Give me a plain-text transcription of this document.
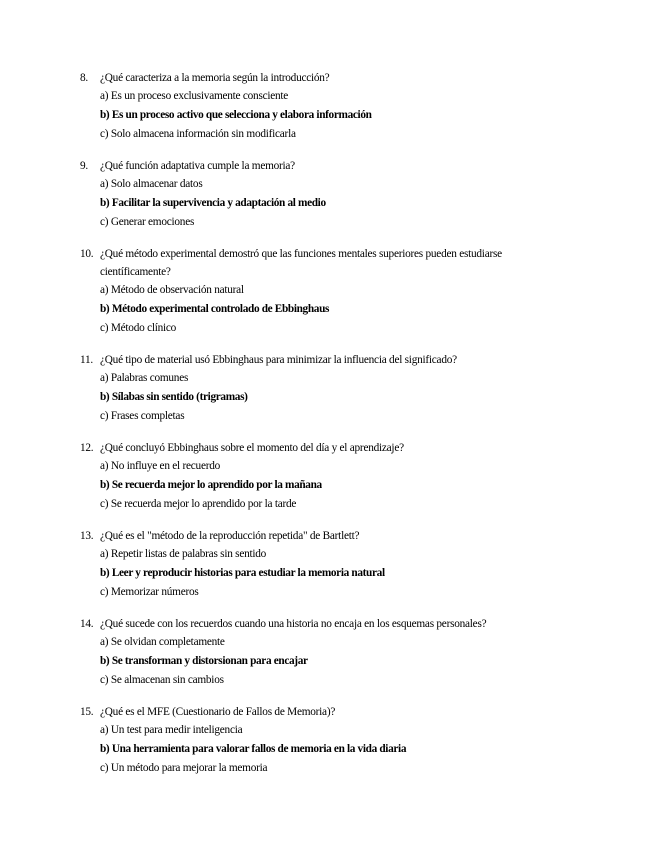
8.	¿Qué caracteriza a la memoria según la introducción?
a) Es un proceso exclusivamente consciente
b) Es un proceso activo que selecciona y elabora información
c) Solo almacena información sin modificarla
9.	¿Qué función adaptativa cumple la memoria?
a) Solo almacenar datos
b) Facilitar la supervivencia y adaptación al medio
c) Generar emociones
10. ¿Qué método experimental demostró que las funciones mentales superiores pueden estudiarse científicamente?
a) Método de observación natural
b) Método experimental controlado de Ebbinghaus
c) Método clínico
11. ¿Qué tipo de material usó Ebbinghaus para minimizar la influencia del significado?
a) Palabras comunes
b) Sílabas sin sentido (trigramas)
c) Frases completas
12. ¿Qué concluyó Ebbinghaus sobre el momento del día y el aprendizaje?
a) No influye en el recuerdo
b) Se recuerda mejor lo aprendido por la mañana
c) Se recuerda mejor lo aprendido por la tarde
13. ¿Qué es el "método de la reproducción repetida" de Bartlett?
a) Repetir listas de palabras sin sentido
b) Leer y reproducir historias para estudiar la memoria natural
c) Memorizar números
14. ¿Qué sucede con los recuerdos cuando una historia no encaja en los esquemas personales?
a) Se olvidan completamente
b) Se transforman y distorsionan para encajar
c) Se almacenan sin cambios
15. ¿Qué es el MFE (Cuestionario de Fallos de Memoria)?
a) Un test para medir inteligencia
b) Una herramienta para valorar fallos de memoria en la vida diaria
c) Un método para mejorar la memoria
